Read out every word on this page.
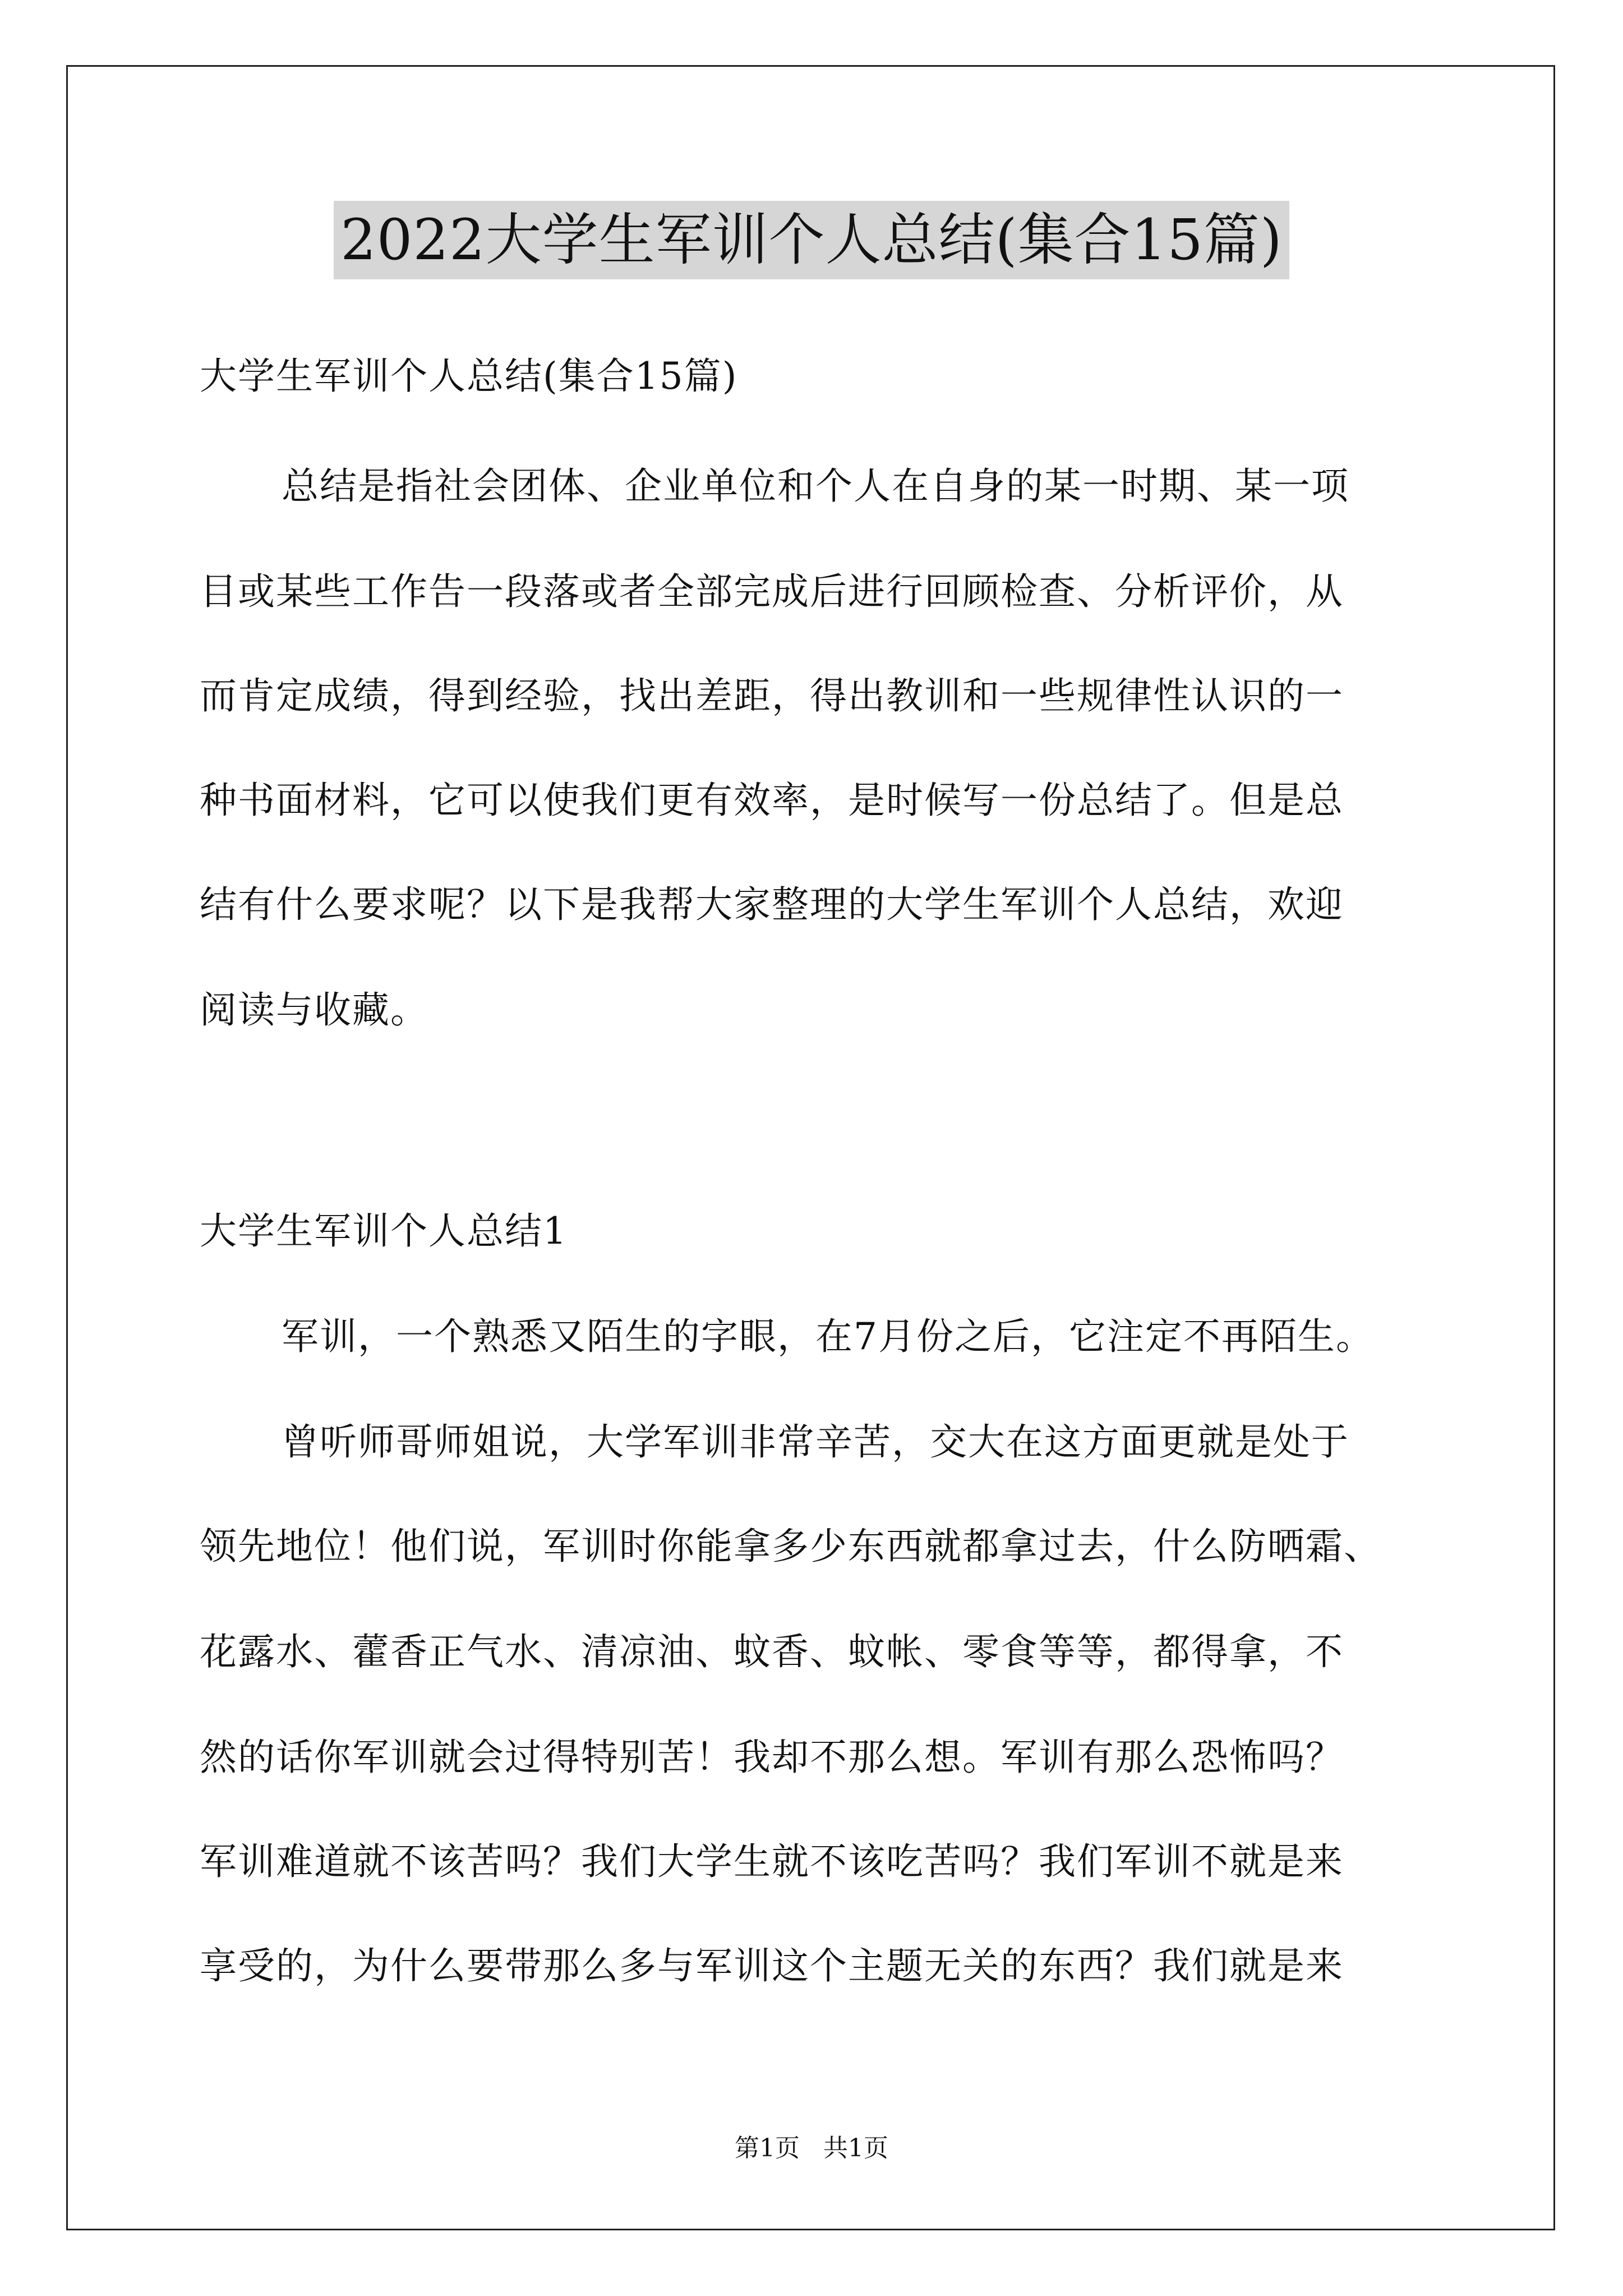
2022大学生军训个人总结(集合15篇)
大学生军训个人总结(集合15篇)
总结是指社会团体、企业单位和个人在自身的某一时期、某一项
目或某些工作告一段落或者全部完成后进行回顾检查、分析评价，从
而肯定成绩，得到经验，找出差距，得出教训和一些规律性认识的一
种书面材料，它可以使我们更有效率，是时候写一份总结了。但是总
结有什么要求呢？以下是我帮大家整理的大学生军训个人总结，欢迎
阅读与收藏。
大学生军训个人总结1
军训，一个熟悉又陌生的字眼，在7月份之后，它注定不再陌生。
曾听师哥师姐说，大学军训非常辛苦，交大在这方面更就是处于
领先地位！他们说，军训时你能拿多少东西就都拿过去，什么防晒霜、
花露水、藿香正气水、清凉油、蚊香、蚊帐、零食等等，都得拿，不
然的话你军训就会过得特别苦！我却不那么想。军训有那么恐怖吗？
军训难道就不该苦吗？我们大学生就不该吃苦吗？我们军训不就是来
享受的，为什么要带那么多与军训这个主题无关的东西？我们就是来
第1页   共1页
